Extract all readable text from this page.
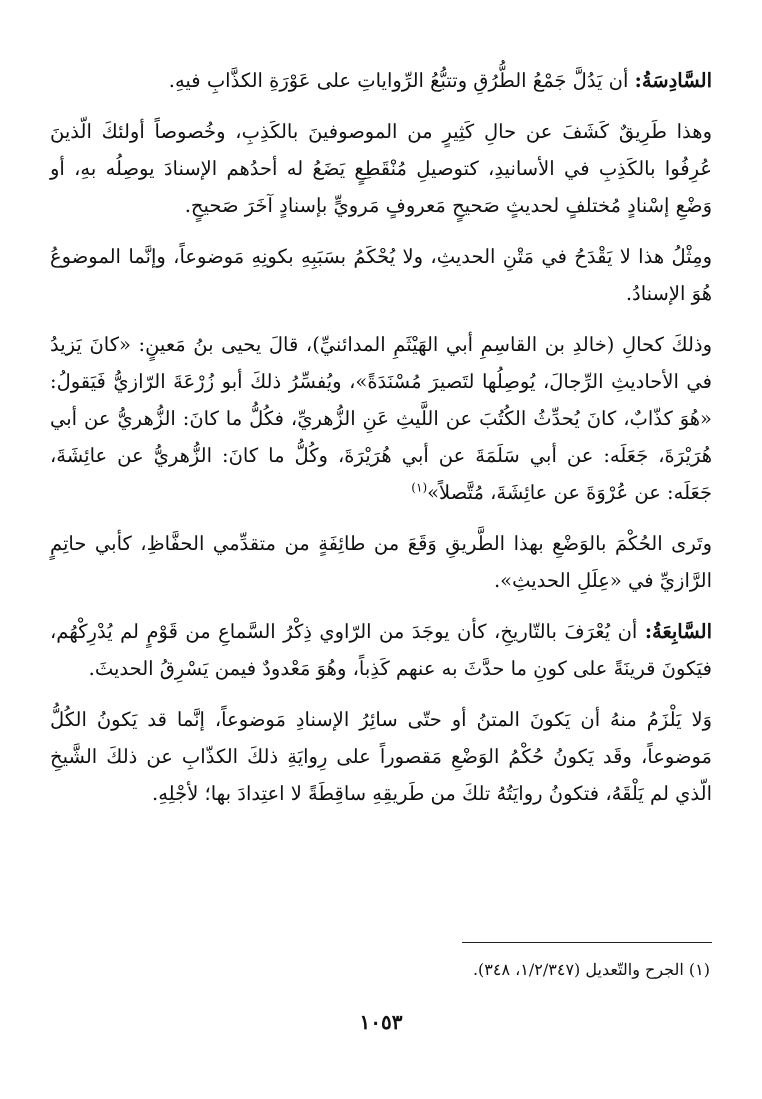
السَّادِسَةُ: أن يَدُلَّ جَمْعُ الطُّرُقِ وتتبُّعُ الرِّواياتِ على عَوْرَةِ الكذَّابِ فيهِ.

وهذا طَرِيقٌ كَشَفَ عن حالِ كَثِيرٍ من الموصوفينَ بالكَذِبِ، وخُصوصاً أولئكَ الّذينَ عُرِفُوا بالكَذِبِ في الأسانيدِ، كتوصيلِ مُنْقَطِعٍ يَضَعُ له أحدُهم الإسنادَ يوصِلُه بهِ، أو وَضْعِ إسْنادٍ مُختلفٍ لحديثٍ صَحيحٍ مَعروفٍ مَرويٍّ بإسنادٍ آخَرَ صَحيحٍ.

ومِثْلُ هذا لا يَقْدَحُ في مَتْنِ الحديثِ، ولا يُحْكَمُ بسَبَبِهِ بكونِهِ مَوضوعاً، وإنَّما الموضوعُ هُوَ الإسنادُ.

وذلكَ كحالِ (خالدِ بن القاسِمِ أبي الهَيْثَمِ المدائنيِّ)، قالَ يحيى بنُ مَعينٍ: «كانَ يَزيدُ في الأحاديثِ الرِّجالَ، يُوصِلُها لتَصيرَ مُسْنَدَةً»، ويُفسِّرُ ذلكَ أبو زُرْعَةَ الرّازيُّ فَيَقولُ: «هُوَ كذّابٌ، كانَ يُحدِّثُ الكُتُبَ عن اللَّيثِ عَنِ الزُّهريِّ، فكُلُّ ما كانَ: الزُّهريُّ عن أبي هُرَيْرَةَ، جَعَلَه: عن أبي سَلَمَةَ عن أبي هُرَيْرَةَ، وكُلُّ ما كانَ: الزُّهريُّ عن عائِشَةَ، جَعَلَه: عن عُرْوَةَ عن عائِشَةَ، مُتَّصلاً»$^{(١)}$

وتَرى الحُكْمَ بالوَضْعِ بهذا الطَّريقِ وَقَعَ من طائِفَةٍ من متقدِّمي الحفَّاظِ، كأبي حاتِمٍ الرَّازيِّ في «عِلَلِ الحديثِ».

السَّابِعَةُ: أن يُعْرَفَ بالتّاريخِ، كأن يوجَدَ من الرّاوي ذِكْرُ السَّماعِ من قَوْمٍ لم يُدْرِكْهُم، فيَكونَ قرينَةً على كونِ ما حدَّثَ به عنهم كَذِباً، وهُوَ مَعْدودٌ فيمن يَسْرِقُ الحديثَ.

وَلا يَلْزَمُ منهُ أن يَكونَ المتنُ أو حتّى سائِرُ الإسنادِ مَوضوعاً، إنَّما قد يَكونُ الكُلُّ مَوضوعاً، وقَد يَكونُ حُكْمُ الوَضْعِ مَقصوراً على رِوايَةِ ذلكَ الكذّابِ عن ذلكَ الشَّيخِ الّذي لم يَلْقَهُ، فتكونُ روايَتُهُ تلكَ من طَريقِهِ ساقِطَةً لا اعتِدادَ بها؛ لأجْلِهِ.

(١) الجرح والتّعديل (١/٢/٣٤٧، ٣٤٨).
١٠٥٣
